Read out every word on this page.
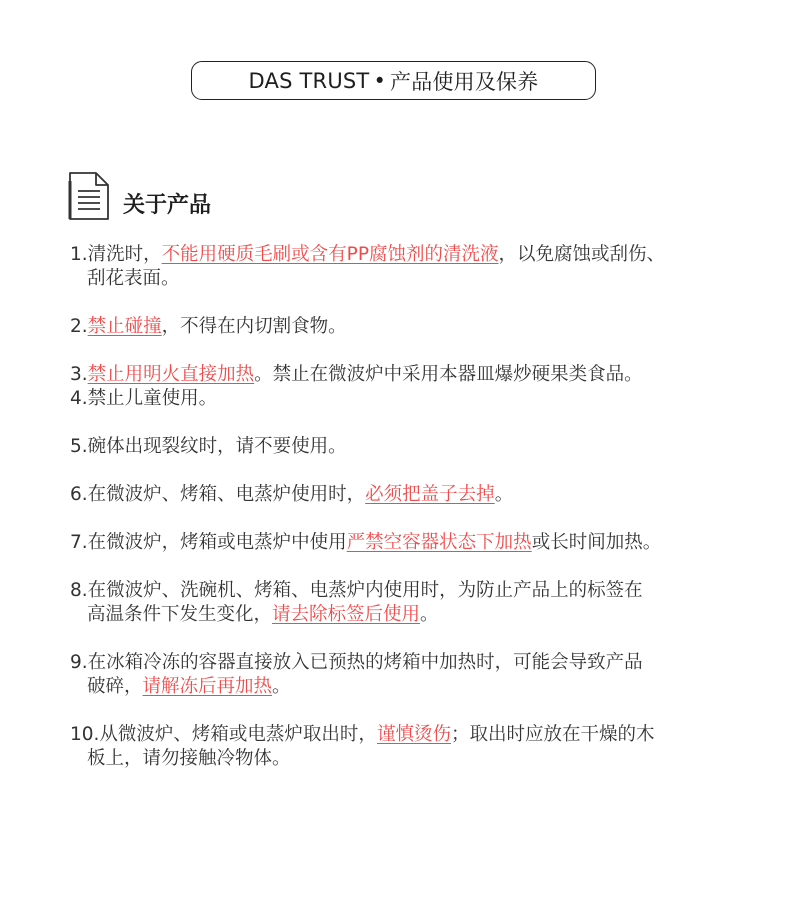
DAS TRUST • 产品使用及保养
关于产品
1.清洗时，不能用硬质毛刷或含有PP腐蚀剂的清洗液，以免腐蚀或刮伤、
刮花表面。
2.禁止碰撞，不得在内切割食物。
3.禁止用明火直接加热。禁止在微波炉中采用本器皿爆炒硬果类食品。
4.禁止儿童使用。
5.碗体出现裂纹时，请不要使用。
6.在微波炉、烤箱、电蒸炉使用时，必须把盖子去掉。
7.在微波炉，烤箱或电蒸炉中使用严禁空容器状态下加热或长时间加热。
8.在微波炉、洗碗机、烤箱、电蒸炉内使用时，为防止产品上的标签在
高温条件下发生变化，请去除标签后使用。
9.在冰箱冷冻的容器直接放入已预热的烤箱中加热时，可能会导致产品
破碎，请解冻后再加热。
10.从微波炉、烤箱或电蒸炉取出时，谨慎烫伤；取出时应放在干燥的木
板上，请勿接触冷物体。
